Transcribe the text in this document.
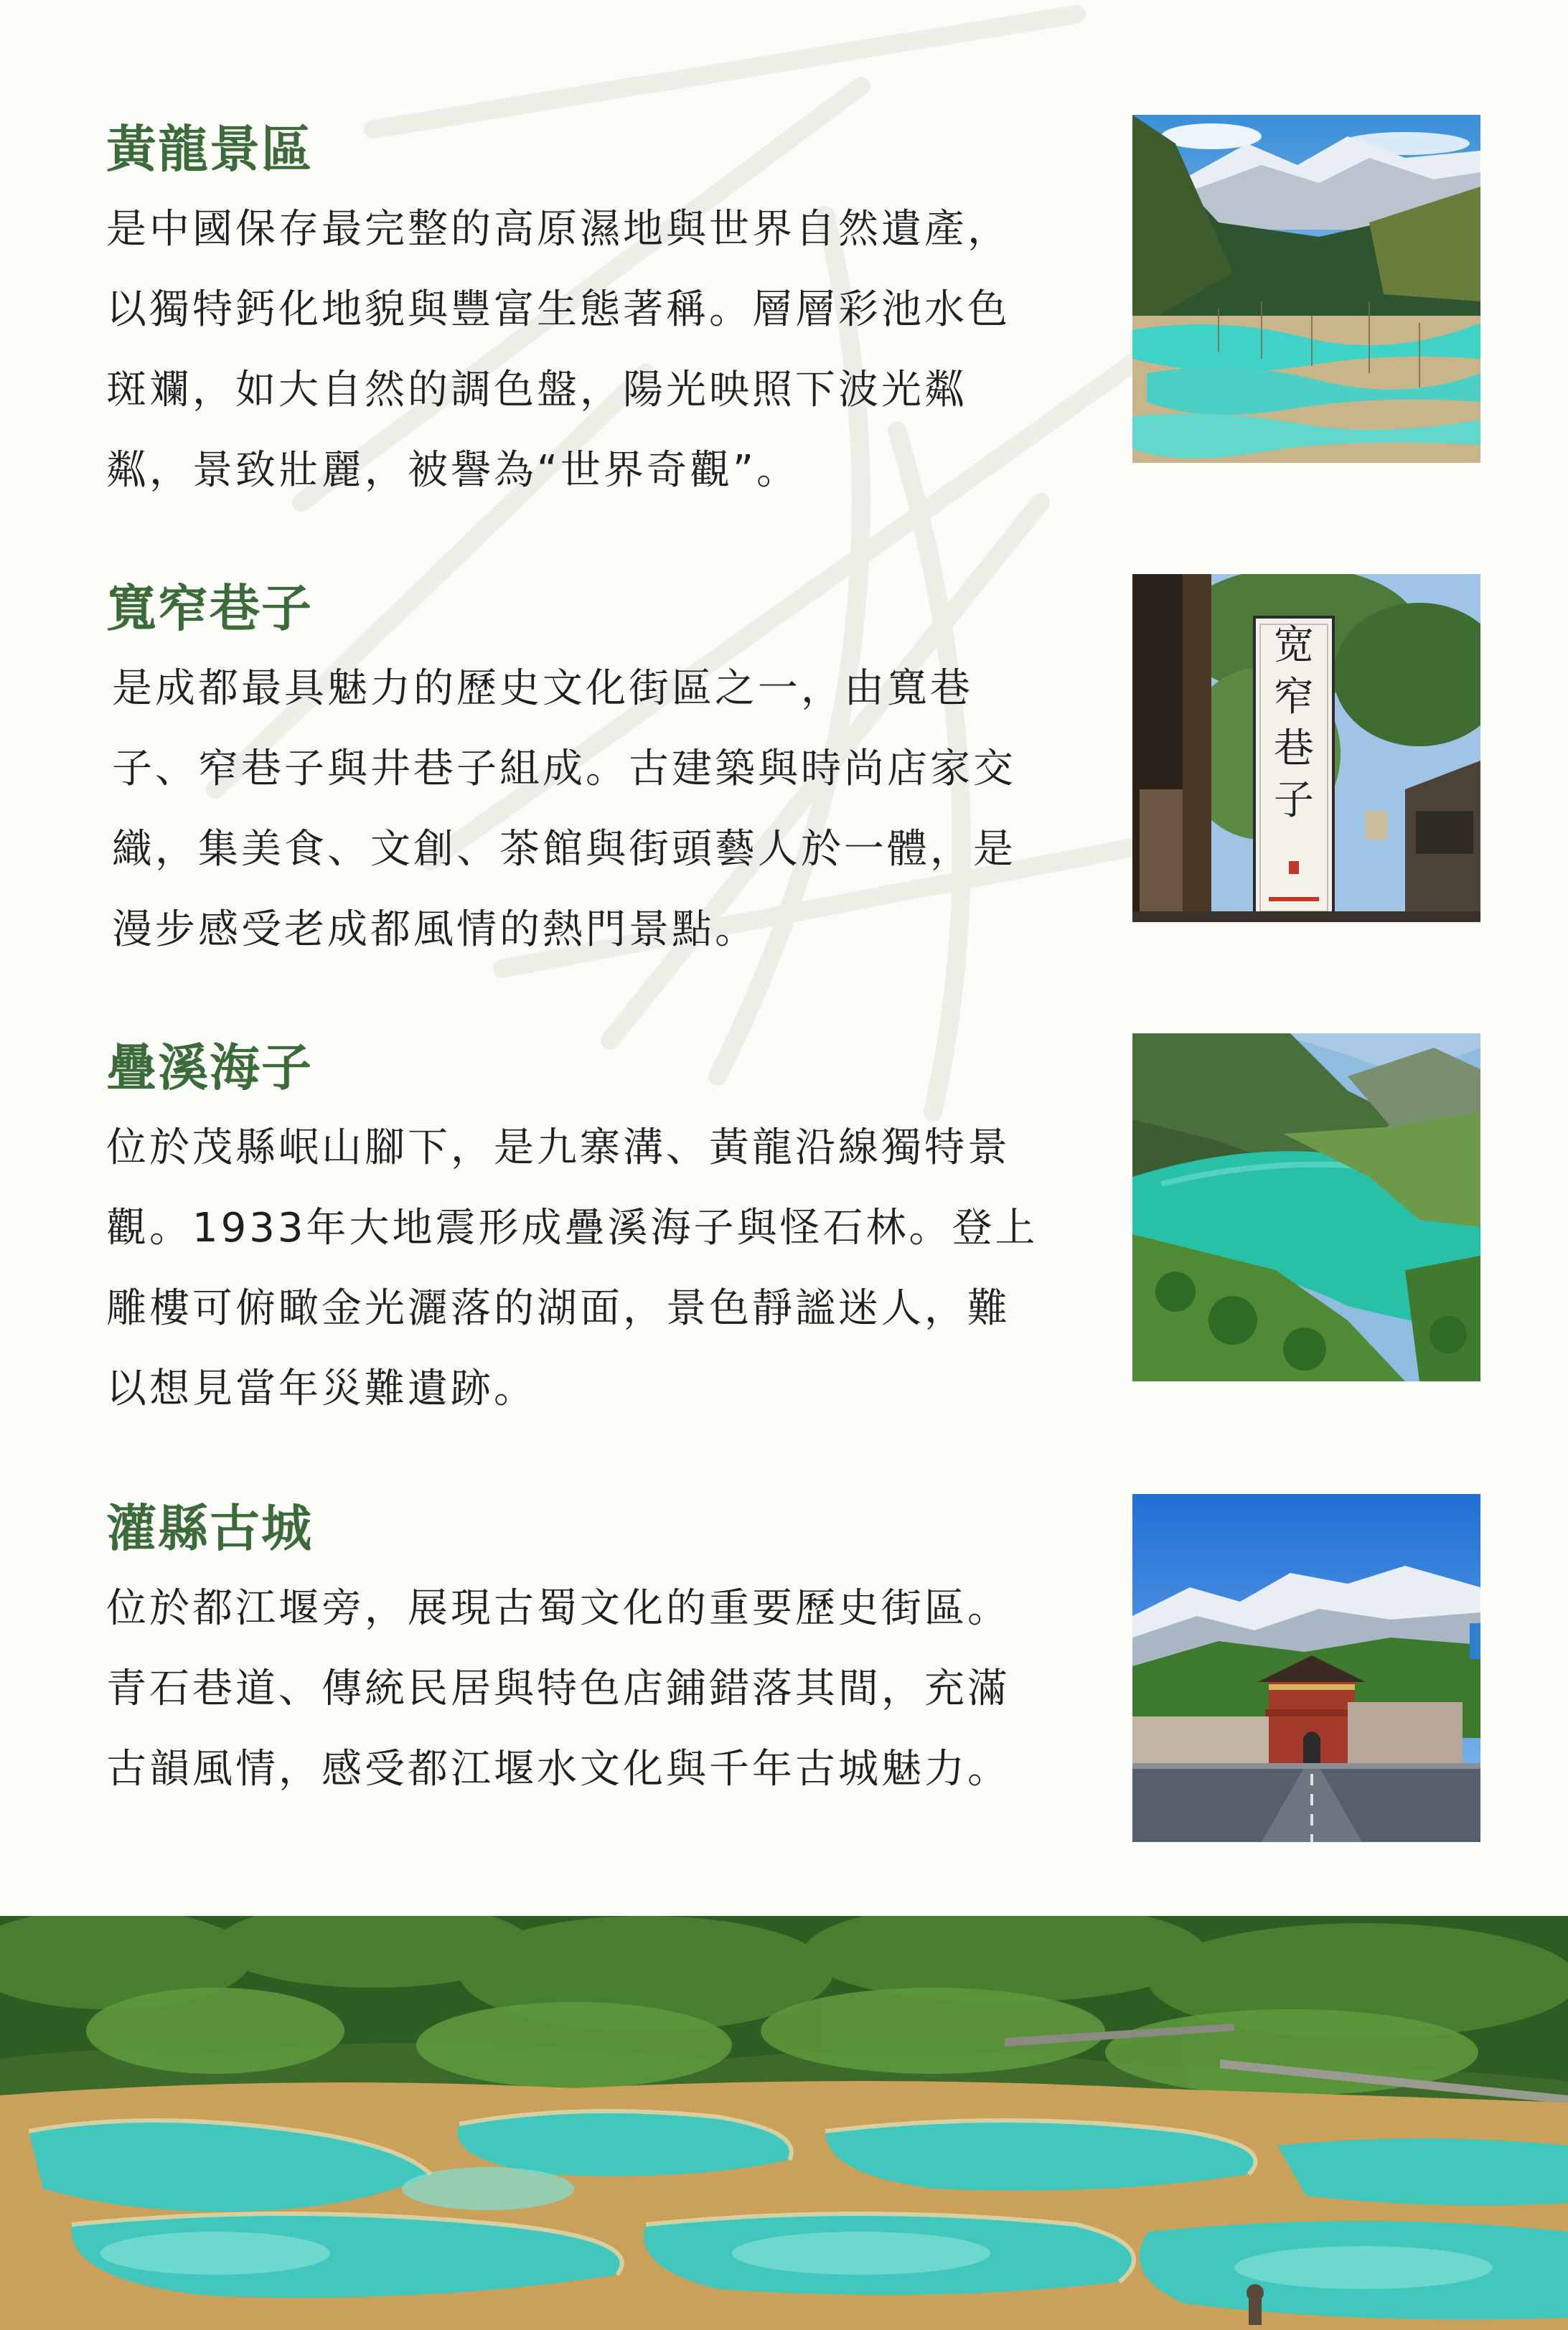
黃龍景區

是中國保存最完整的高原濕地與世界自然遺產，
以獨特鈣化地貌與豐富生態著稱。層層彩池水色
斑斕，如大自然的調色盤，陽光映照下波光粼
粼，景致壯麗，被譽為“世界奇觀”。

寬窄巷子

是成都最具魅力的歷史文化街區之一，由寬巷
子、窄巷子與井巷子組成。古建築與時尚店家交
織，集美食、文創、茶館與街頭藝人於一體，是
漫步感受老成都風情的熱門景點。

宽
窄
巷
子
疊溪海子

位於茂縣岷山腳下，是九寨溝、黃龍沿線獨特景
觀。1933年大地震形成疊溪海子與怪石林。登上
雕樓可俯瞰金光灑落的湖面，景色靜謐迷人，難
以想見當年災難遺跡。

灌縣古城

位於都江堰旁，展現古蜀文化的重要歷史街區。
青石巷道、傳統民居與特色店鋪錯落其間，充滿
古韻風情，感受都江堰水文化與千年古城魅力。
